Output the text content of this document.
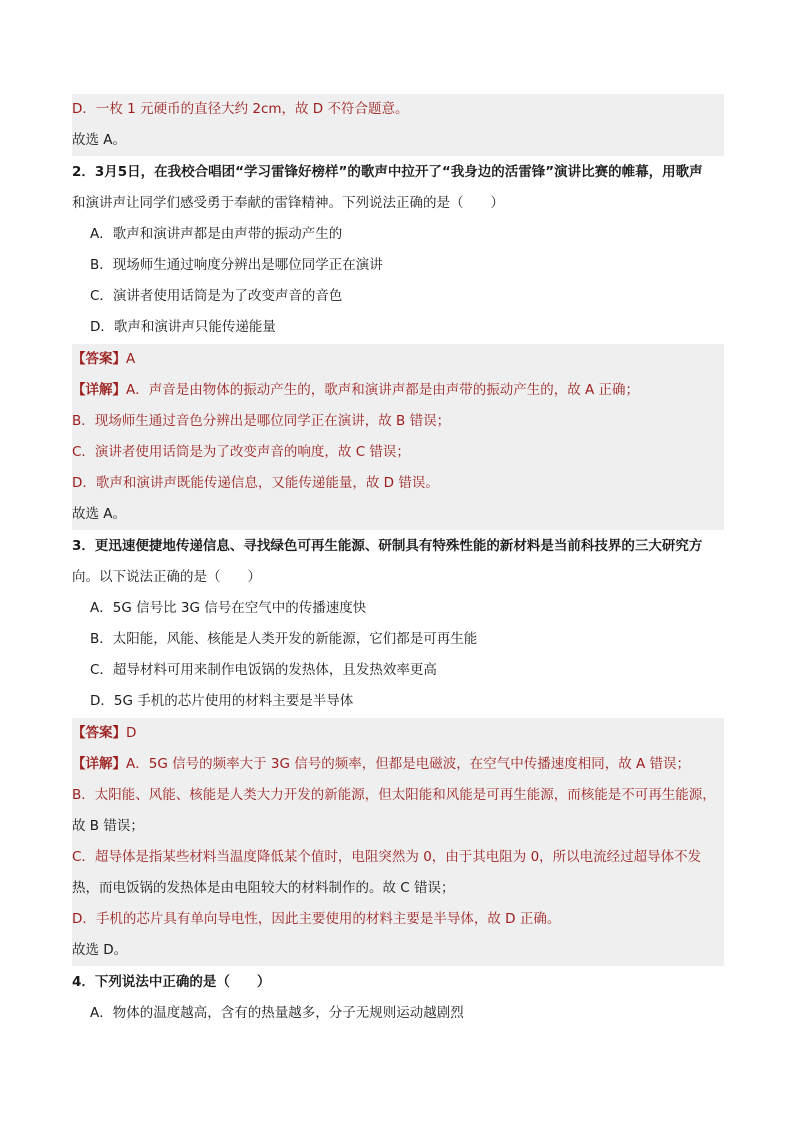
D．一枚 1 元硬币的直径大约 2cm，故 D 不符合题意。
故选 A。
2．3月5日，在我校合唱团“学习雷锋好榜样”的歌声中拉开了“我身边的活雷锋”演讲比赛的帷幕，用歌声
和演讲声让同学们感受勇于奉献的雷锋精神。下列说法正确的是（　　）
A．歌声和演讲声都是由声带的振动产生的
B．现场师生通过响度分辨出是哪位同学正在演讲
C．演讲者使用话筒是为了改变声音的音色
D．歌声和演讲声只能传递能量
【答案】A
【详解】A．声音是由物体的振动产生的，歌声和演讲声都是由声带的振动产生的，故 A 正确；
B．现场师生通过音色分辨出是哪位同学正在演讲，故 B 错误；
C．演讲者使用话筒是为了改变声音的响度，故 C 错误；
D．歌声和演讲声既能传递信息，又能传递能量，故 D 错误。
故选 A。
3．更迅速便捷地传递信息、寻找绿色可再生能源、研制具有特殊性能的新材料是当前科技界的三大研究方
向。以下说法正确的是（　　）
A．5G 信号比 3G 信号在空气中的传播速度快
B．太阳能，风能、核能是人类开发的新能源，它们都是可再生能
C．超导材料可用来制作电饭锅的发热体，且发热效率更高
D．5G 手机的芯片使用的材料主要是半导体
【答案】D
【详解】A．5G 信号的频率大于 3G 信号的频率，但都是电磁波，在空气中传播速度相同，故 A 错误；
B．太阳能、风能、核能是人类大力开发的新能源，但太阳能和风能是可再生能源，而核能是不可再生能源，
故 B 错误；
C．超导体是指某些材料当温度降低某个值时，电阻突然为 0，由于其电阻为 0，所以电流经过超导体不发
热，而电饭锅的发热体是由电阻较大的材料制作的。故 C 错误；
D．手机的芯片具有单向导电性，因此主要使用的材料主要是半导体，故 D 正确。
故选 D。
4．下列说法中正确的是（　　）
A．物体的温度越高，含有的热量越多，分子无规则运动越剧烈
